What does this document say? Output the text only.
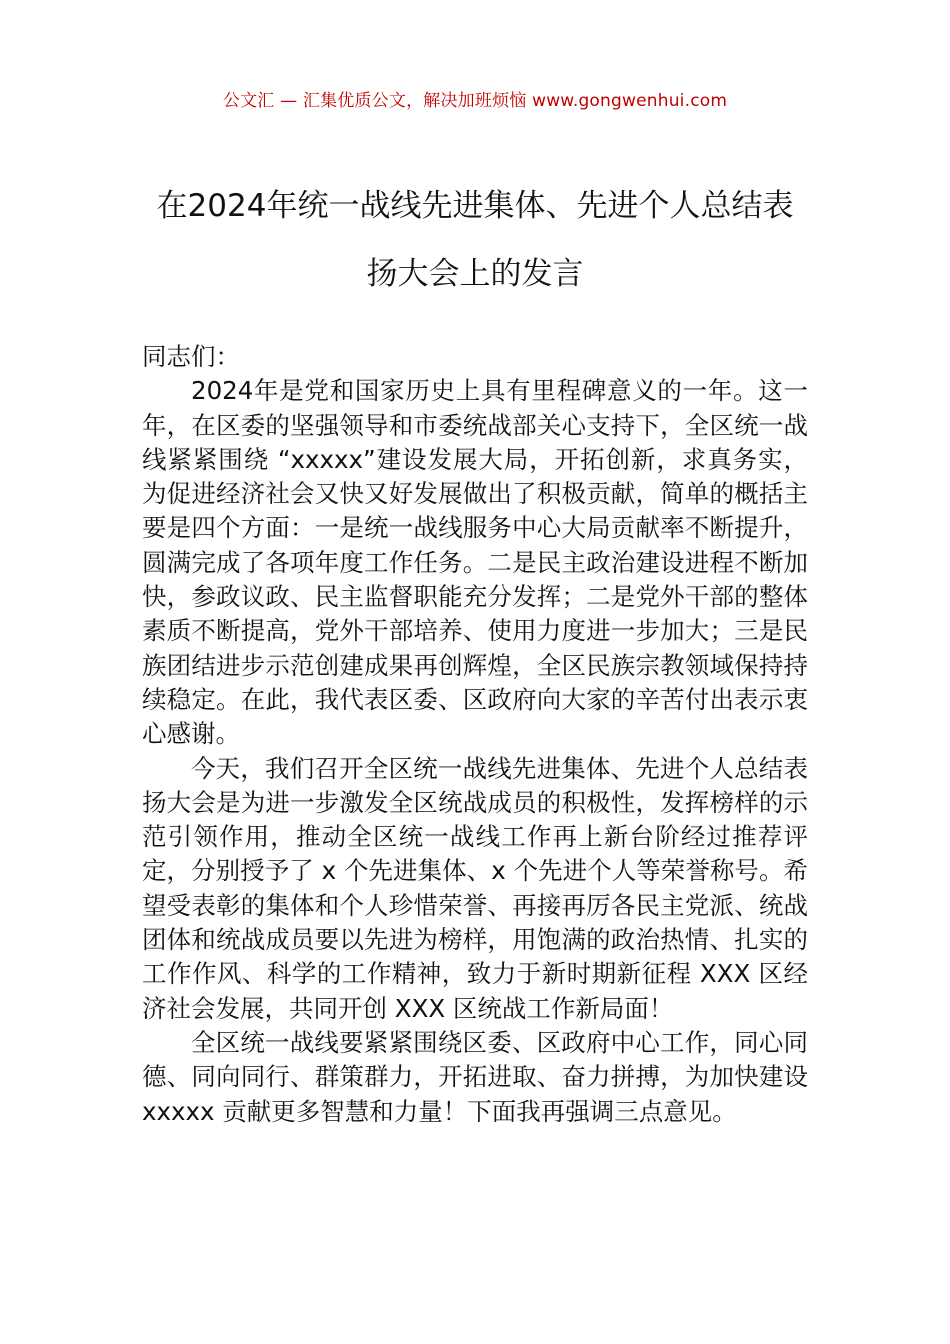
公文汇 — 汇集优质公文，解决加班烦恼 www.gongwenhui.com
在2024年统一战线先进集体、先进个人总结表扬大会上的发言

同志们：

2024年是党和国家历史上具有里程碑意义的一年。这一年，在区委的坚强领导和市委统战部关心支持下，全区统一战线紧紧围绕 “xxxxx”建设发展大局，开拓创新，求真务实，为促进经济社会又快又好发展做出了积极贡献，简单的概括主要是四个方面：一是统一战线服务中心大局贡献率不断提升，圆满完成了各项年度工作任务。二是民主政治建设进程不断加快，参政议政、民主监督职能充分发挥；二是党外干部的整体素质不断提高，党外干部培养、使用力度进一步加大；三是民族团结进步示范创建成果再创辉煌，全区民族宗教领域保持持续稳定。在此，我代表区委、区政府向大家的辛苦付出表示衷心感谢。

今天，我们召开全区统一战线先进集体、先进个人总结表扬大会是为进一步激发全区统战成员的积极性，发挥榜样的示范引领作用，推动全区统一战线工作再上新台阶经过推荐评定，分别授予了 x 个先进集体、x 个先进个人等荣誉称号。希望受表彰的集体和个人珍惜荣誉、再接再厉各民主党派、统战团体和统战成员要以先进为榜样，用饱满的政治热情、扎实的工作作风、科学的工作精神，致力于新时期新征程 XXX 区经济社会发展，共同开创 XXX 区统战工作新局面！

全区统一战线要紧紧围绕区委、区政府中心工作，同心同德、同向同行、群策群力，开拓进取、奋力拼搏，为加快建设 xxxxx 贡献更多智慧和力量！下面我再强调三点意见。
